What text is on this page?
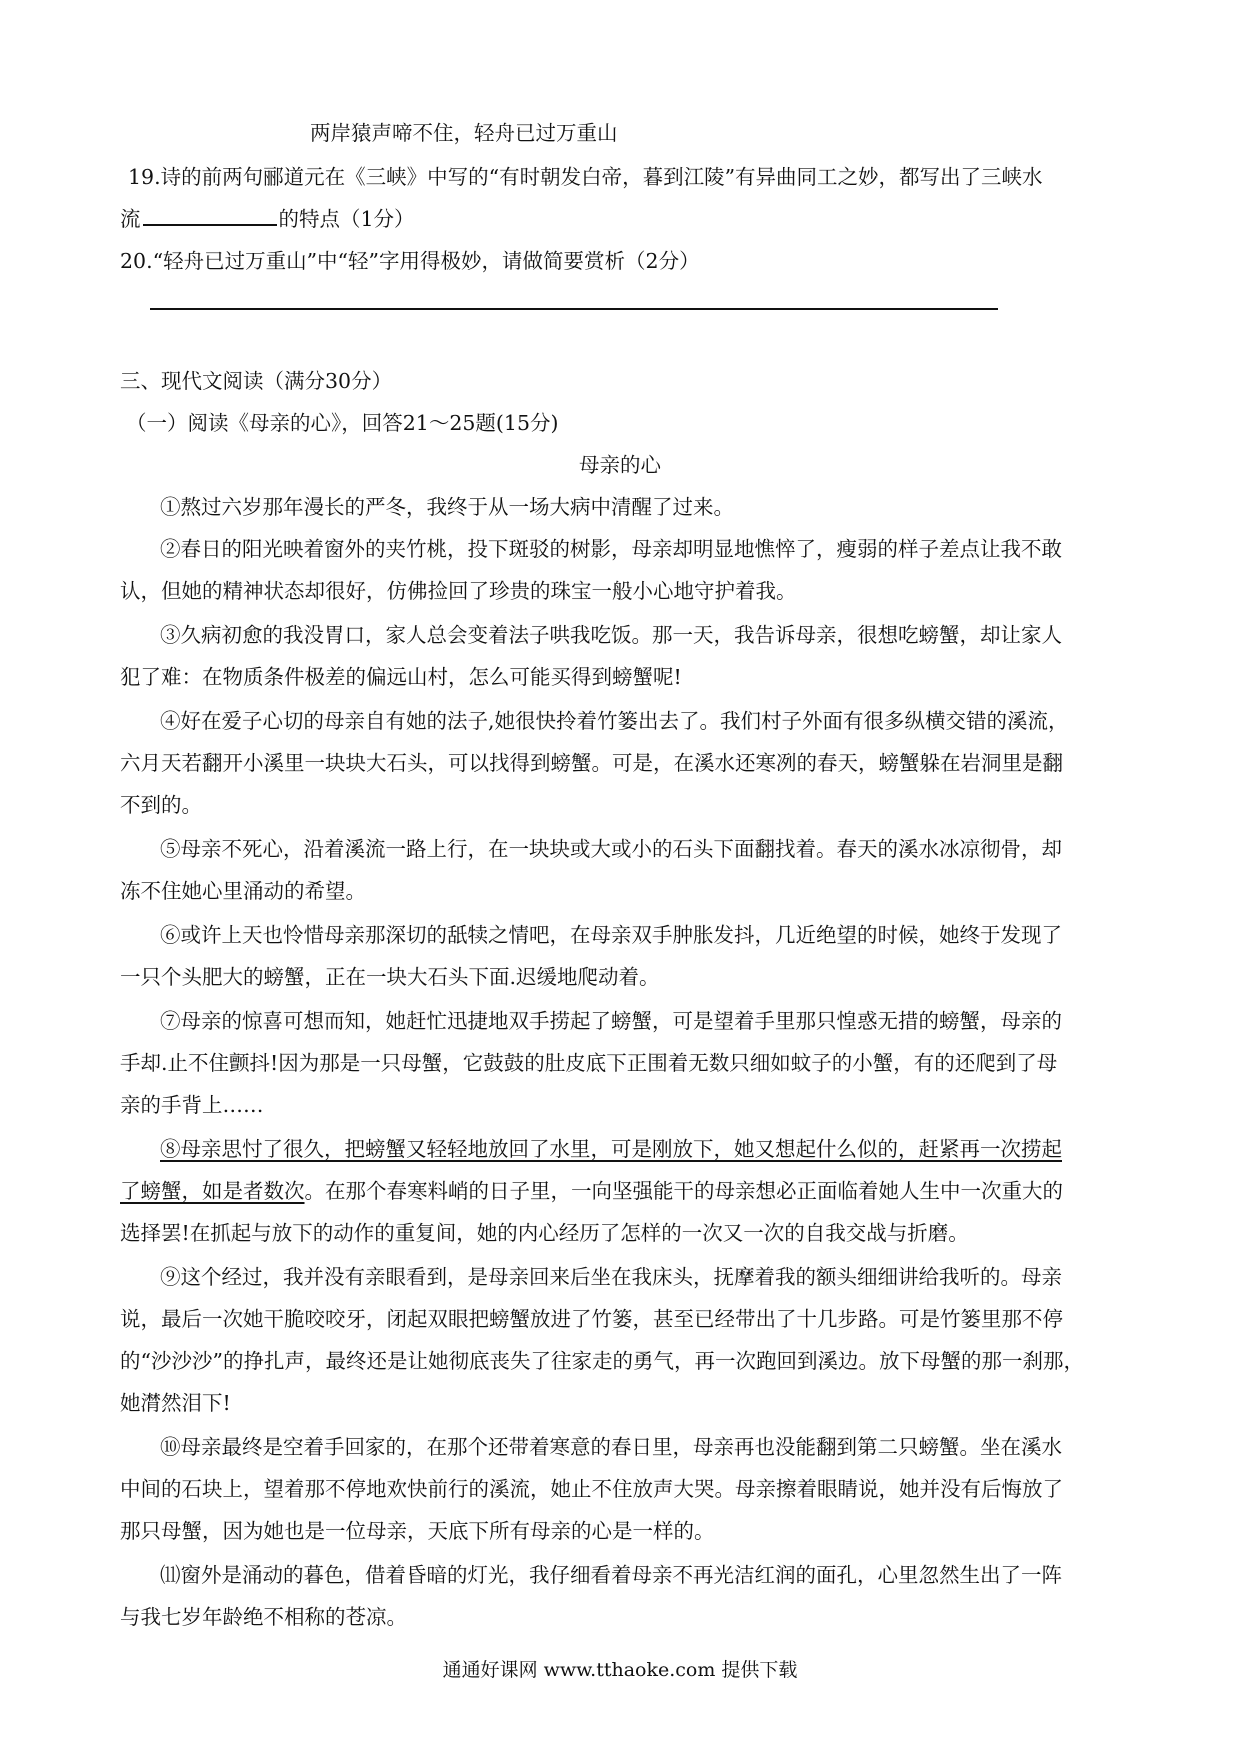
两岸猿声啼不住，轻舟已过万重山
19.诗的前两句郦道元在《三峡》中写的“有时朝发白帝，暮到江陵”有异曲同工之妙，都写出了三峡水
流	的特点（1分）
20.“轻舟已过万重山”中“轻”字用得极妙，请做简要赏析（2分）
三、现代文阅读（满分30分）
（一）阅读《母亲的心》，回答21～25题(15分)
母亲的心
①熬过六岁那年漫长的严冬，我终于从一场大病中清醒了过来。
②春日的阳光映着窗外的夹竹桃，投下斑驳的树影，母亲却明显地憔悴了，瘦弱的样子差点让我不敢
认，但她的精神状态却很好，仿佛捡回了珍贵的珠宝一般小心地守护着我。
③久病初愈的我没胃口，家人总会变着法子哄我吃饭。那一天，我告诉母亲，很想吃螃蟹，却让家人
犯了难：在物质条件极差的偏远山村，怎么可能买得到螃蟹呢!
④好在爱子心切的母亲自有她的法子,她很快拎着竹篓出去了。我们村子外面有很多纵横交错的溪流，
六月天若翻开小溪里一块块大石头，可以找得到螃蟹。可是，在溪水还寒冽的春天，螃蟹躲在岩洞里是翻
不到的。
⑤母亲不死心，沿着溪流一路上行，在一块块或大或小的石头下面翻找着。春天的溪水冰凉彻骨，却
冻不住她心里涌动的希望。
⑥或许上天也怜惜母亲那深切的舐犊之情吧，在母亲双手肿胀发抖，几近绝望的时候，她终于发现了
一只个头肥大的螃蟹，正在一块大石头下面.迟缓地爬动着。
⑦母亲的惊喜可想而知，她赶忙迅捷地双手捞起了螃蟹，可是望着手里那只惶惑无措的螃蟹，母亲的
手却.止不住颤抖!因为那是一只母蟹，它鼓鼓的肚皮底下正围着无数只细如蚊子的小蟹，有的还爬到了母
亲的手背上……
⑧母亲思忖了很久，把螃蟹又轻轻地放回了水里，可是刚放下，她又想起什么似的，赶紧再一次捞起
了螃蟹，如是者数次。在那个春寒料峭的日子里，一向坚强能干的母亲想必正面临着她人生中一次重大的
选择罢!在抓起与放下的动作的重复间，她的内心经历了怎样的一次又一次的自我交战与折磨。
⑨这个经过，我并没有亲眼看到，是母亲回来后坐在我床头，抚摩着我的额头细细讲给我听的。母亲
说，最后一次她干脆咬咬牙，闭起双眼把螃蟹放进了竹篓，甚至已经带出了十几步路。可是竹篓里那不停
的“沙沙沙”的挣扎声，最终还是让她彻底丧失了往家走的勇气，再一次跑回到溪边。放下母蟹的那一刹那，
她潸然泪下!
⑩母亲最终是空着手回家的，在那个还带着寒意的春日里，母亲再也没能翻到第二只螃蟹。坐在溪水
中间的石块上，望着那不停地欢快前行的溪流，她止不住放声大哭。母亲擦着眼睛说，她并没有后悔放了
那只母蟹，因为她也是一位母亲，天底下所有母亲的心是一样的。
⑾窗外是涌动的暮色，借着昏暗的灯光，我仔细看着母亲不再光洁红润的面孔，心里忽然生出了一阵
与我七岁年龄绝不相称的苍凉。
通通好课网 www.tthaoke.com 提供下载
